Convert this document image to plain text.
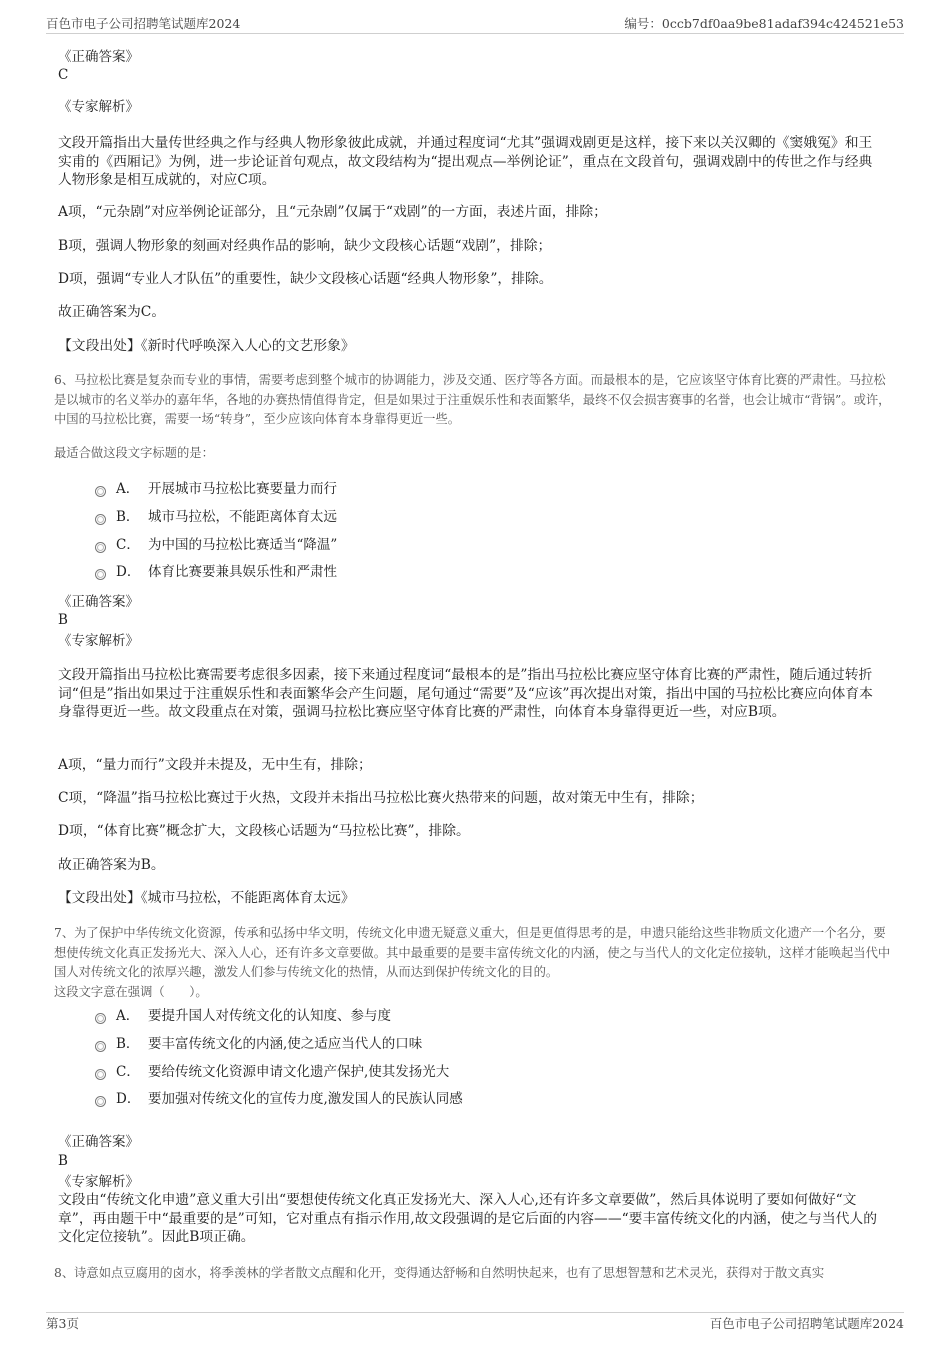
百色市电子公司招聘笔试题库2024	编号：0ccb7df0aa9be81adaf394c424521e53
《正确答案》
C
《专家解析》
文段开篇指出大量传世经典之作与经典人物形象彼此成就，并通过程度词“尤其”强调戏剧更是这样，接下来以关汉卿的《窦娥冤》和王实甫的《西厢记》为例，进一步论证首句观点，故文段结构为“提出观点—举例论证”，重点在文段首句，强调戏剧中的传世之作与经典人物形象是相互成就的，对应C项。
A项，“元杂剧”对应举例论证部分，且“元杂剧”仅属于“戏剧”的一方面，表述片面，排除；
B项，强调人物形象的刻画对经典作品的影响，缺少文段核心话题“戏剧”，排除；
D项，强调“专业人才队伍”的重要性，缺少文段核心话题“经典人物形象”，排除。
故正确答案为C。
【文段出处】《新时代呼唤深入人心的文艺形象》
6、马拉松比赛是复杂而专业的事情，需要考虑到整个城市的协调能力，涉及交通、医疗等各方面。而最根本的是，它应该坚守体育比赛的严肃性。马拉松是以城市的名义举办的嘉年华，各地的办赛热情值得肯定，但是如果过于注重娱乐性和表面繁华，最终不仅会损害赛事的名誉，也会让城市“背锅”。或许，中国的马拉松比赛，需要一场“转身”，至少应该向体育本身靠得更近一些。
最适合做这段文字标题的是：
A． 开展城市马拉松比赛要量力而行
B． 城市马拉松，不能距离体育太远
C． 为中国的马拉松比赛适当“降温”
D． 体育比赛要兼具娱乐性和严肃性
《正确答案》
B
《专家解析》
文段开篇指出马拉松比赛需要考虑很多因素，接下来通过程度词“最根本的是”指出马拉松比赛应坚守体育比赛的严肃性，随后通过转折词“但是”指出如果过于注重娱乐性和表面繁华会产生问题，尾句通过“需要”及“应该”再次提出对策，指出中国的马拉松比赛应向体育本身靠得更近一些。故文段重点在对策，强调马拉松比赛应坚守体育比赛的严肃性，向体育本身靠得更近一些，对应B项。
A项，“量力而行”文段并未提及，无中生有，排除；
C项，“降温”指马拉松比赛过于火热，文段并未指出马拉松比赛火热带来的问题，故对策无中生有，排除；
D项，“体育比赛”概念扩大，文段核心话题为“马拉松比赛”，排除。
故正确答案为B。
【文段出处】《城市马拉松，不能距离体育太远》
7、为了保护中华传统文化资源，传承和弘扬中华文明，传统文化申遗无疑意义重大，但是更值得思考的是，申遗只能给这些非物质文化遗产一个名分，要想使传统文化真正发扬光大、深入人心，还有许多文章要做。其中最重要的是要丰富传统文化的内涵，使之与当代人的文化定位接轨，这样才能唤起当代中国人对传统文化的浓厚兴趣，激发人们参与传统文化的热情，从而达到保护传统文化的目的。
这段文字意在强调（　　）。
A． 要提升国人对传统文化的认知度、参与度
B． 要丰富传统文化的内涵,使之适应当代人的口味
C． 要给传统文化资源申请文化遗产保护,使其发扬光大
D． 要加强对传统文化的宣传力度,激发国人的民族认同感
《正确答案》
B
《专家解析》
文段由“传统文化申遗”意义重大引出“要想使传统文化真正发扬光大、深入人心,还有许多文章要做”，然后具体说明了要如何做好“文章”，再由题干中“最重要的是”可知，它对重点有指示作用,故文段强调的是它后面的内容——“要丰富传统文化的内涵，使之与当代人的文化定位接轨”。因此B项正确。
8、诗意如点豆腐用的卤水，将季羡林的学者散文点醒和化开，变得通达舒畅和自然明快起来，也有了思想智慧和艺术灵光，获得对于散文真实
第3页	百色市电子公司招聘笔试题库2024
